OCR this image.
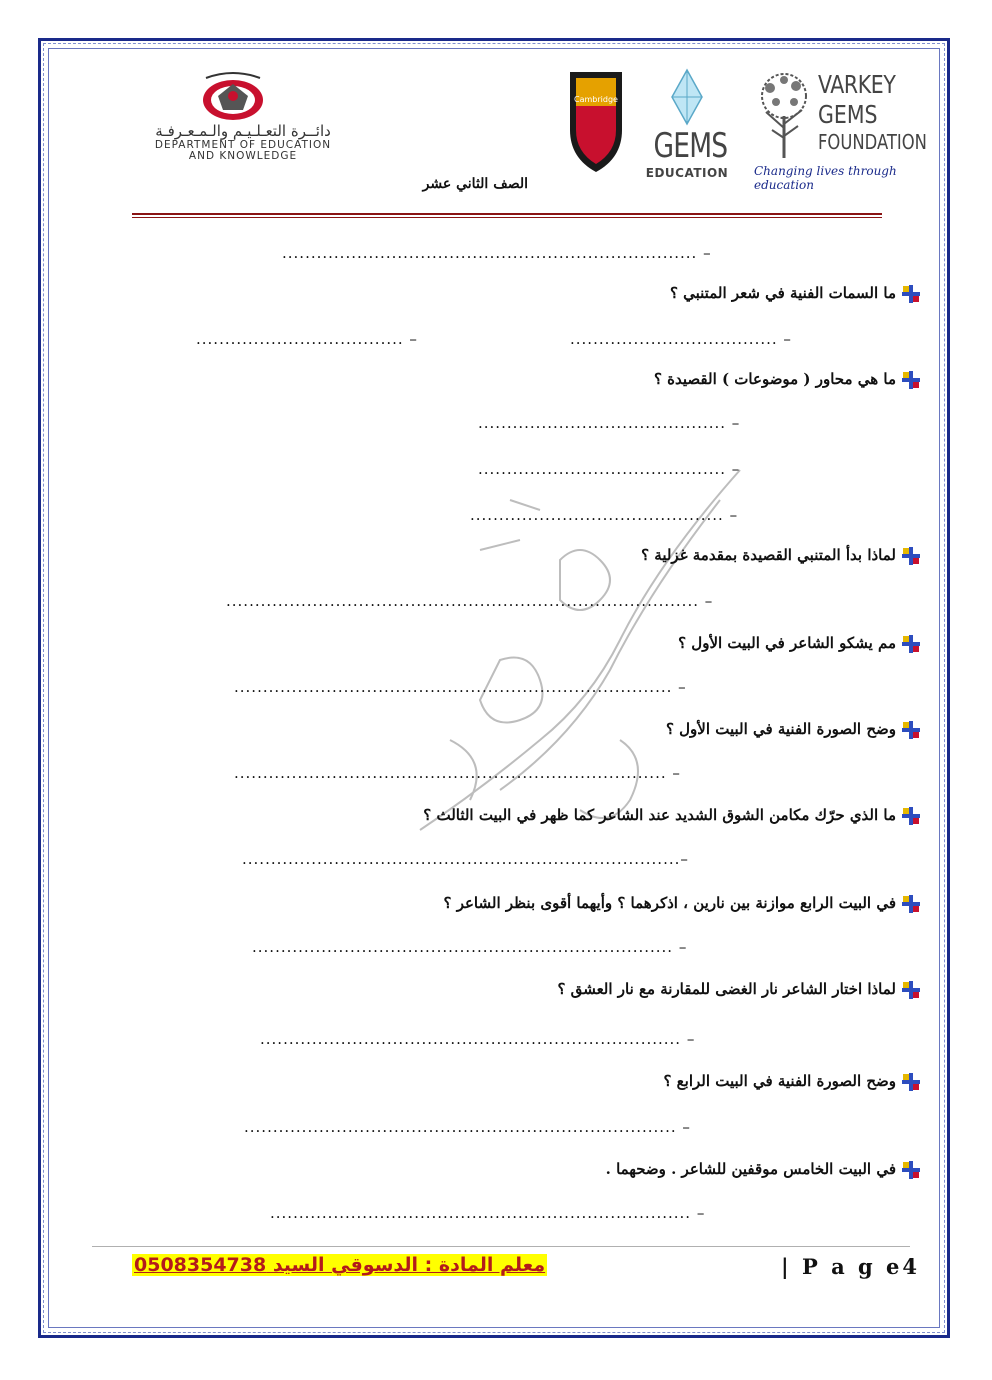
دائــرة التعـلـيـم والـمـعـرفـة
DEPARTMENT OF EDUCATION
AND KNOWLEDGE
Cambridge
GEMS
EDUCATION
VARKEY
GEMS
FOUNDATION
Changing lives through education
الصف الثاني عشر
– ........................................................................
ما السمات الفنية في شعر المتنبي ؟
– ....................................
– ....................................
ما هي محاور ( موضوعات ) القصيدة ؟
– ...........................................
– ...........................................
– ............................................
لماذا بدأ المتنبي القصيدة بمقدمة غزلية ؟
– ..................................................................................
مم يشكو الشاعر في البيت الأول ؟
– ............................................................................
وضح الصورة الفنية في البيت الأول ؟
– ...........................................................................
ما الذي حرّك مكامن الشوق الشديد عند الشاعر كما ظهر في البيت الثالث ؟
–............................................................................
في البيت الرابع موازنة بين نارين ، اذكرهما ؟ وأيهما أقوى بنظر الشاعر ؟
– .........................................................................
لماذا اختار الشاعر نار الغضى للمقارنة مع نار العشق ؟
– .........................................................................
وضح الصورة الفنية في البيت الرابع ؟
– ...........................................................................
في البيت الخامس موقفين للشاعر . وضحهما .
– .........................................................................
معلم المادة : الدسوقي السيد 0508354738	| P a g e4
